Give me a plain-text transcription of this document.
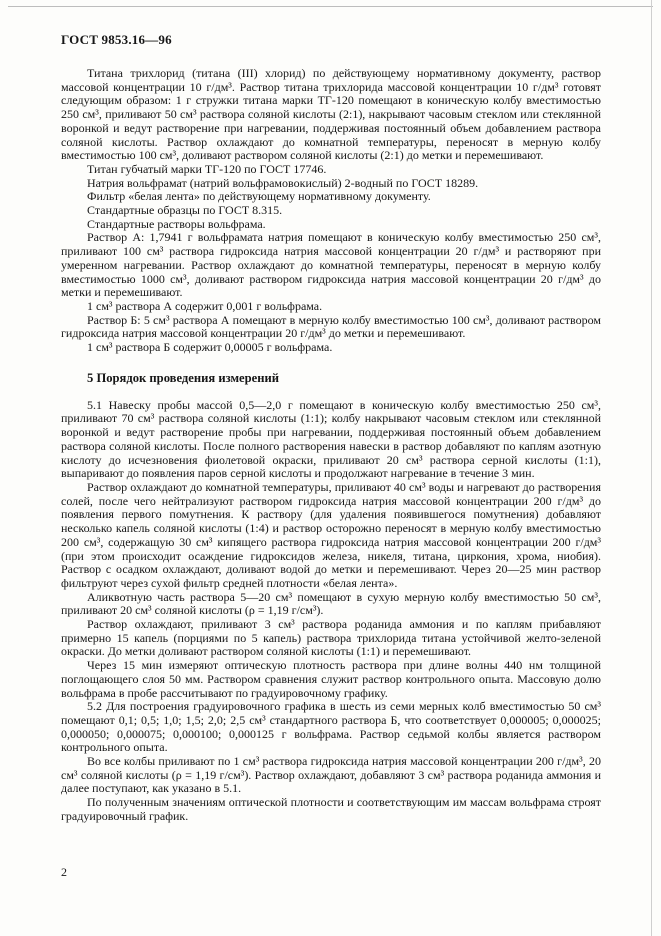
ГОСТ 9853.16—96

Титана трихлорид (титана (III) хлорид) по действующему нормативному документу, раствор массовой концентрации 10 г/дм³. Раствор титана трихлорида массовой концентрации 10 г/дм³ готовят следующим образом: 1 г стружки титана марки ТГ-120 помещают в коническую колбу вместимостью 250 см³, приливают 50 см³ раствора соляной кислоты (2:1), накрывают часовым стеклом или стеклянной воронкой и ведут растворение при нагревании, поддерживая постоянный объем добавлением раствора соляной кислоты. Раствор охлаждают до комнатной температуры, переносят в мерную колбу вместимостью 100 см³, доливают раствором соляной кислоты (2:1) до метки и перемешивают.

Титан губчатый марки ТГ-120 по ГОСТ 17746.

Натрия вольфрамат (натрий вольфрамовокислый) 2-водный по ГОСТ 18289.

Фильтр «белая лента» по действующему нормативному документу.

Стандартные образцы по ГОСТ 8.315.

Стандартные растворы вольфрама.

Раствор А: 1,7941 г вольфрамата натрия помещают в коническую колбу вместимостью 250 см³, приливают 100 см³ раствора гидроксида натрия массовой концентрации 20 г/дм³ и растворяют при умеренном нагревании. Раствор охлаждают до комнатной температуры, переносят в мерную колбу вместимостью 1000 см³, доливают раствором гидроксида натрия массовой концентрации 20 г/дм³ до метки и перемешивают.

1 см³ раствора А содержит 0,001 г вольфрама.

Раствор Б: 5 см³ раствора А помещают в мерную колбу вместимостью 100 см³, доливают раствором гидроксида натрия массовой концентрации 20 г/дм³ до метки и перемешивают.

1 см³ раствора Б содержит 0,00005 г вольфрама.

5 Порядок проведения измерений

5.1 Навеску пробы массой 0,5—2,0 г помещают в коническую колбу вместимостью 250 см³, приливают 70 см³ раствора соляной кислоты (1:1); колбу накрывают часовым стеклом или стеклянной воронкой и ведут растворение пробы при нагревании, поддерживая постоянный объем добавлением раствора соляной кислоты. После полного растворения навески в раствор добавляют по каплям азотную кислоту до исчезновения фиолетовой окраски, приливают 20 см³ раствора серной кислоты (1:1), выпаривают до появления паров серной кислоты и продолжают нагревание в течение 3 мин.

Раствор охлаждают до комнатной температуры, приливают 40 см³ воды и нагревают до растворения солей, после чего нейтрализуют раствором гидроксида натрия массовой концентрации 200 г/дм³ до появления первого помутнения. К раствору (для удаления появившегося помутнения) добавляют несколько капель соляной кислоты (1:4) и раствор осторожно переносят в мерную колбу вместимостью 200 см³, содержащую 30 см³ кипящего раствора гидроксида натрия массовой концентрации 200 г/дм³ (при этом происходит осаждение гидроксидов железа, никеля, титана, циркония, хрома, ниобия). Раствор с осадком охлаждают, доливают водой до метки и перемешивают. Через 20—25 мин раствор фильтруют через сухой фильтр средней плотности «белая лента».

Аликвотную часть раствора 5—20 см³ помещают в сухую мерную колбу вместимостью 50 см³, приливают 20 см³ соляной кислоты (ρ = 1,19 г/см³).

Раствор охлаждают, приливают 3 см³ раствора роданида аммония и по каплям прибавляют примерно 15 капель (порциями по 5 капель) раствора трихлорида титана устойчивой желто-зеленой окраски. До метки доливают раствором соляной кислоты (1:1) и перемешивают.

Через 15 мин измеряют оптическую плотность раствора при длине волны 440 нм толщиной поглощающего слоя 50 мм. Раствором сравнения служит раствор контрольного опыта. Массовую долю вольфрама в пробе рассчитывают по градуировочному графику.

5.2 Для построения градуировочного графика в шесть из семи мерных колб вместимостью 50 см³ помещают 0,1; 0,5; 1,0; 1,5; 2,0; 2,5 см³ стандартного раствора Б, что соответствует 0,000005; 0,000025; 0,000050; 0,000075; 0,000100; 0,000125 г вольфрама. Раствор седьмой колбы является раствором контрольного опыта.

Во все колбы приливают по 1 см³ раствора гидроксида натрия массовой концентрации 200 г/дм³, 20 см³ соляной кислоты (ρ = 1,19 г/см³). Раствор охлаждают, добавляют 3 см³ раствора роданида аммония и далее поступают, как указано в 5.1.

По полученным значениям оптической плотности и соответствующим им массам вольфрама строят градуировочный график.

2
